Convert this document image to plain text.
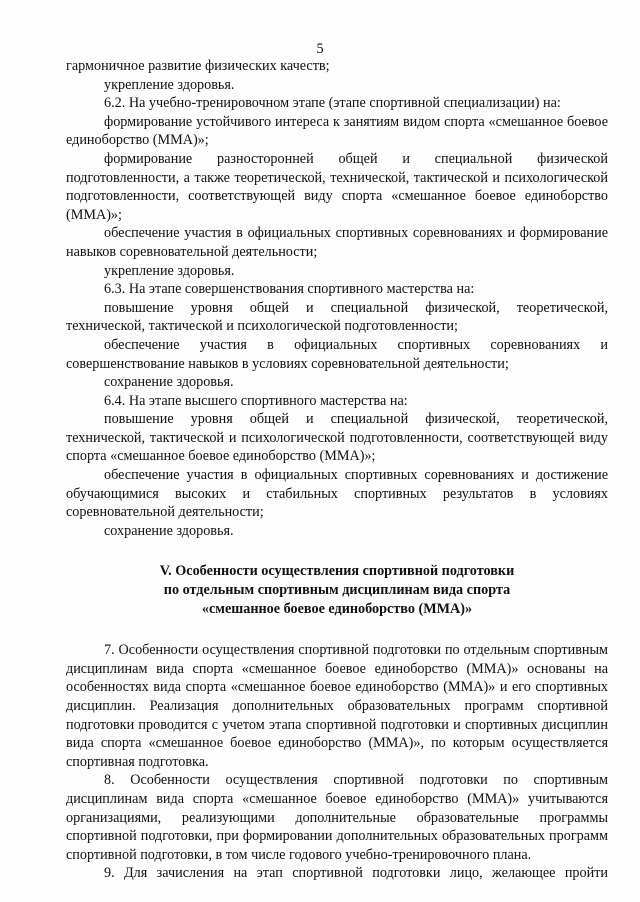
5

гармоничное развитие физических качеств;

укрепление здоровья.

6.2. На учебно-тренировочном этапе (этапе спортивной специализации) на:

формирование устойчивого интереса к занятиям видом спорта «смешанное боевое единоборство (ММА)»;

формирование разносторонней общей и специальной физической подготовленности, а также теоретической, технической, тактической и психологической подготовленности, соответствующей виду спорта «смешанное боевое единоборство (ММА)»;

обеспечение участия в официальных спортивных соревнованиях и формирование навыков соревновательной деятельности;

укрепление здоровья.

6.3. На этапе совершенствования спортивного мастерства на:

повышение уровня общей и специальной физической, теоретической, технической, тактической и психологической подготовленности;

обеспечение участия в официальных спортивных соревнованиях и совершенствование навыков в условиях соревновательной деятельности;

сохранение здоровья.

6.4. На этапе высшего спортивного мастерства на:

повышение уровня общей и специальной физической, теоретической, технической, тактической и психологической подготовленности, соответствующей виду спорта «смешанное боевое единоборство (ММА)»;

обеспечение участия в официальных спортивных соревнованиях и достижение обучающимися высоких и стабильных спортивных результатов в условиях соревновательной деятельности;

сохранение здоровья.

V. Особенности осуществления спортивной подготовки
по отдельным спортивным дисциплинам вида спорта
«смешанное боевое единоборство (ММА)»

7. Особенности осуществления спортивной подготовки по отдельным спортивным дисциплинам вида спорта «смешанное боевое единоборство (ММА)» основаны на особенностях вида спорта «смешанное боевое единоборство (ММА)» и его спортивных дисциплин. Реализация дополнительных образовательных программ спортивной подготовки проводится с учетом этапа спортивной подготовки и спортивных дисциплин вида спорта «смешанное боевое единоборство (ММА)», по которым осуществляется спортивная подготовка.

8. Особенности осуществления спортивной подготовки по спортивным дисциплинам вида спорта «смешанное боевое единоборство (ММА)» учитываются организациями, реализующими дополнительные образовательные программы спортивной подготовки, при формировании дополнительных образовательных программ спортивной подготовки, в том числе годового учебно-тренировочного плана.

9. Для зачисления на этап спортивной подготовки лицо, желающее пройти
